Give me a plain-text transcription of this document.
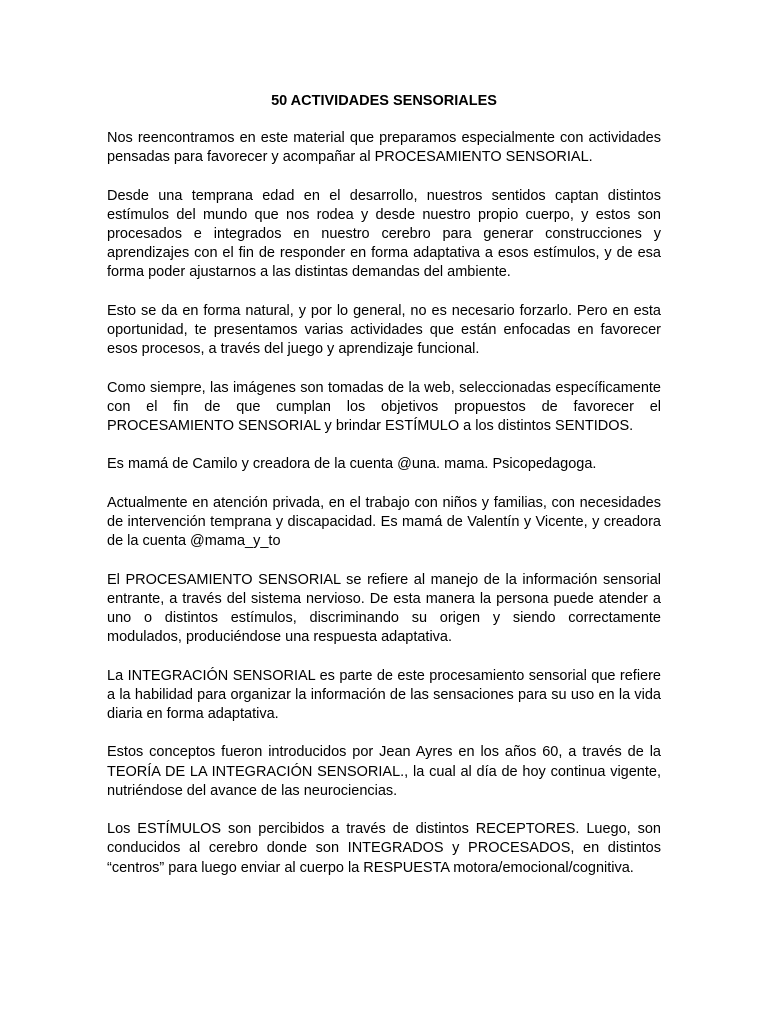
50 ACTIVIDADES SENSORIALES

Nos reencontramos en este material que preparamos especialmente con actividades pensadas para favorecer y acompañar al PROCESAMIENTO SENSORIAL.

Desde una temprana edad en el desarrollo, nuestros sentidos captan distintos estímulos del mundo que nos rodea y desde nuestro propio cuerpo, y estos son procesados e integrados en nuestro cerebro para generar construcciones y aprendizajes con el fin de responder en forma adaptativa a esos estímulos, y de esa forma poder ajustarnos a las distintas demandas del ambiente.

Esto se da en forma natural, y por lo general, no es necesario forzarlo. Pero en esta oportunidad, te presentamos varias actividades que están enfocadas en favorecer esos procesos, a través del juego y aprendizaje funcional.

Como siempre, las imágenes son tomadas de la web, seleccionadas específicamente con el fin de que cumplan los objetivos propuestos de favorecer el PROCESAMIENTO SENSORIAL y brindar ESTÍMULO a los distintos SENTIDOS.

Es mamá de Camilo y creadora de la cuenta @una. mama. Psicopedagoga.

Actualmente en atención privada, en el trabajo con niños y familias, con necesidades de intervención temprana y discapacidad. Es mamá de Valentín y Vicente, y creadora de la cuenta @mama_y_to

El PROCESAMIENTO SENSORIAL se refiere al manejo de la información sensorial entrante, a través del sistema nervioso. De esta manera la persona puede atender a uno o distintos estímulos, discriminando su origen y siendo correctamente modulados, produciéndose una respuesta adaptativa.

La INTEGRACIÓN SENSORIAL es parte de este procesamiento sensorial que refiere a la habilidad para organizar la información de las sensaciones para su uso en la vida diaria en forma adaptativa.

Estos conceptos fueron introducidos por Jean Ayres en los años 60, a través de la TEORÍA DE LA INTEGRACIÓN SENSORIAL., la cual al día de hoy continua vigente, nutriéndose del avance de las neurociencias.

Los ESTÍMULOS son percibidos a través de distintos RECEPTORES. Luego, son conducidos al cerebro donde son INTEGRADOS y PROCESADOS, en distintos “centros” para luego enviar al cuerpo la RESPUESTA motora/emocional/cognitiva.
